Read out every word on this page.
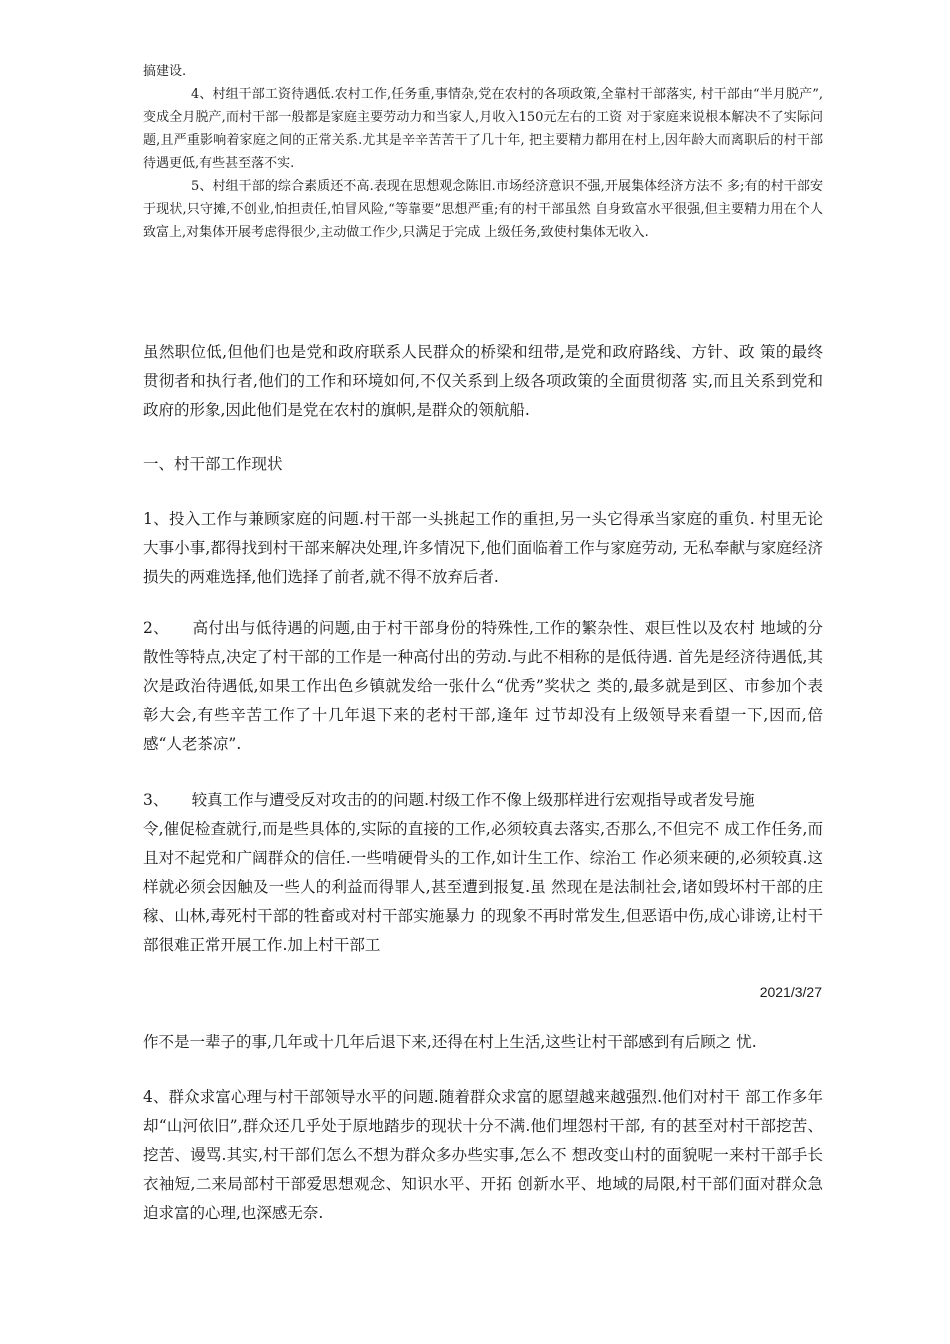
搞建设.

4、村组干部工资待遇低.农村工作,任务重,事情杂,党在农村的各项政策,全靠村干部落实, 村干部由“半月脱产”,变成全月脱产,而村干部一般都是家庭主要劳动力和当家人,月收入150元左右的工资 对于家庭来说根本解决不了实际问题,且严重影响着家庭之间的正常关系.尤其是辛辛苦苦干了几十年, 把主要精力都用在村上,因年龄大而离职后的村干部待遇更低,有些甚至落不实.

5、村组干部的综合素质还不高.表现在思想观念陈旧.市场经济意识不强,开展集体经济方法不 多;有的村干部安于现状,只守摊,不创业,怕担责任,怕冒风险,“等靠要”思想严重;有的村干部虽然 自身致富水平很强,但主要精力用在个人致富上,对集体开展考虑得很少,主动做工作少,只满足于完成 上级任务,致使村集体无收入.

虽然职位低,但他们也是党和政府联系人民群众的桥梁和纽带,是党和政府路线、方针、政 策的最终贯彻者和执行者,他们的工作和环境如何,不仅关系到上级各项政策的全面贯彻落 实,而且关系到党和政府的形象,因此他们是党在农村的旗帜,是群众的领航船.

一、村干部工作现状

1、投入工作与兼顾家庭的问题.村干部一头挑起工作的重担,另一头它得承当家庭的重负. 村里无论大事小事,都得找到村干部来解决处理,许多情况下,他们面临着工作与家庭劳动, 无私奉献与家庭经济损失的两难选择,他们选择了前者,就不得不放弃后者.

2、　　高付出与低待遇的问题,由于村干部身份的特殊性,工作的繁杂性、艰巨性以及农村 地域的分散性等特点,决定了村干部的工作是一种高付出的劳动.与此不相称的是低待遇. 首先是经济待遇低,其次是政治待遇低,如果工作出色乡镇就发给一张什么“优秀”奖状之 类的,最多就是到区、市参加个表彰大会,有些辛苦工作了十几年退下来的老村干部,逢年 过节却没有上级领导来看望一下,因而,倍感“人老茶凉”.

3、　　较真工作与遭受反对攻击的的问题.村级工作不像上级那样进行宏观指导或者发号施

令,催促检查就行,而是些具体的,实际的直接的工作,必须较真去落实,否那么,不但完不 成工作任务,而且对不起党和广阔群众的信任.一些啃硬骨头的工作,如计生工作、综治工 作必须来硬的,必须较真.这样就必须会因触及一些人的利益而得罪人,甚至遭到报复.虽 然现在是法制社会,诸如毁坏村干部的庄稼、山林,毒死村干部的牲畜或对村干部实施暴力 的现象不再时常发生,但恶语中伤,成心诽谤,让村干部很难正常开展工作.加上村干部工

2021/3/27

作不是一辈子的事,几年或十几年后退下来,还得在村上生活,这些让村干部感到有后顾之 忧.

4、群众求富心理与村干部领导水平的问题.随着群众求富的愿望越来越强烈.他们对村干 部工作多年却“山河依旧”,群众还几乎处于原地踏步的现状十分不满.他们埋怨村干部, 有的甚至对村干部挖苦、挖苦、谩骂.其实,村干部们怎么不想为群众多办些实事,怎么不 想改变山村的面貌呢一来村干部手长衣袖短,二来局部村干部爱思想观念、知识水平、开拓 创新水平、地域的局限,村干部们面对群众急迫求富的心理,也深感无奈.
